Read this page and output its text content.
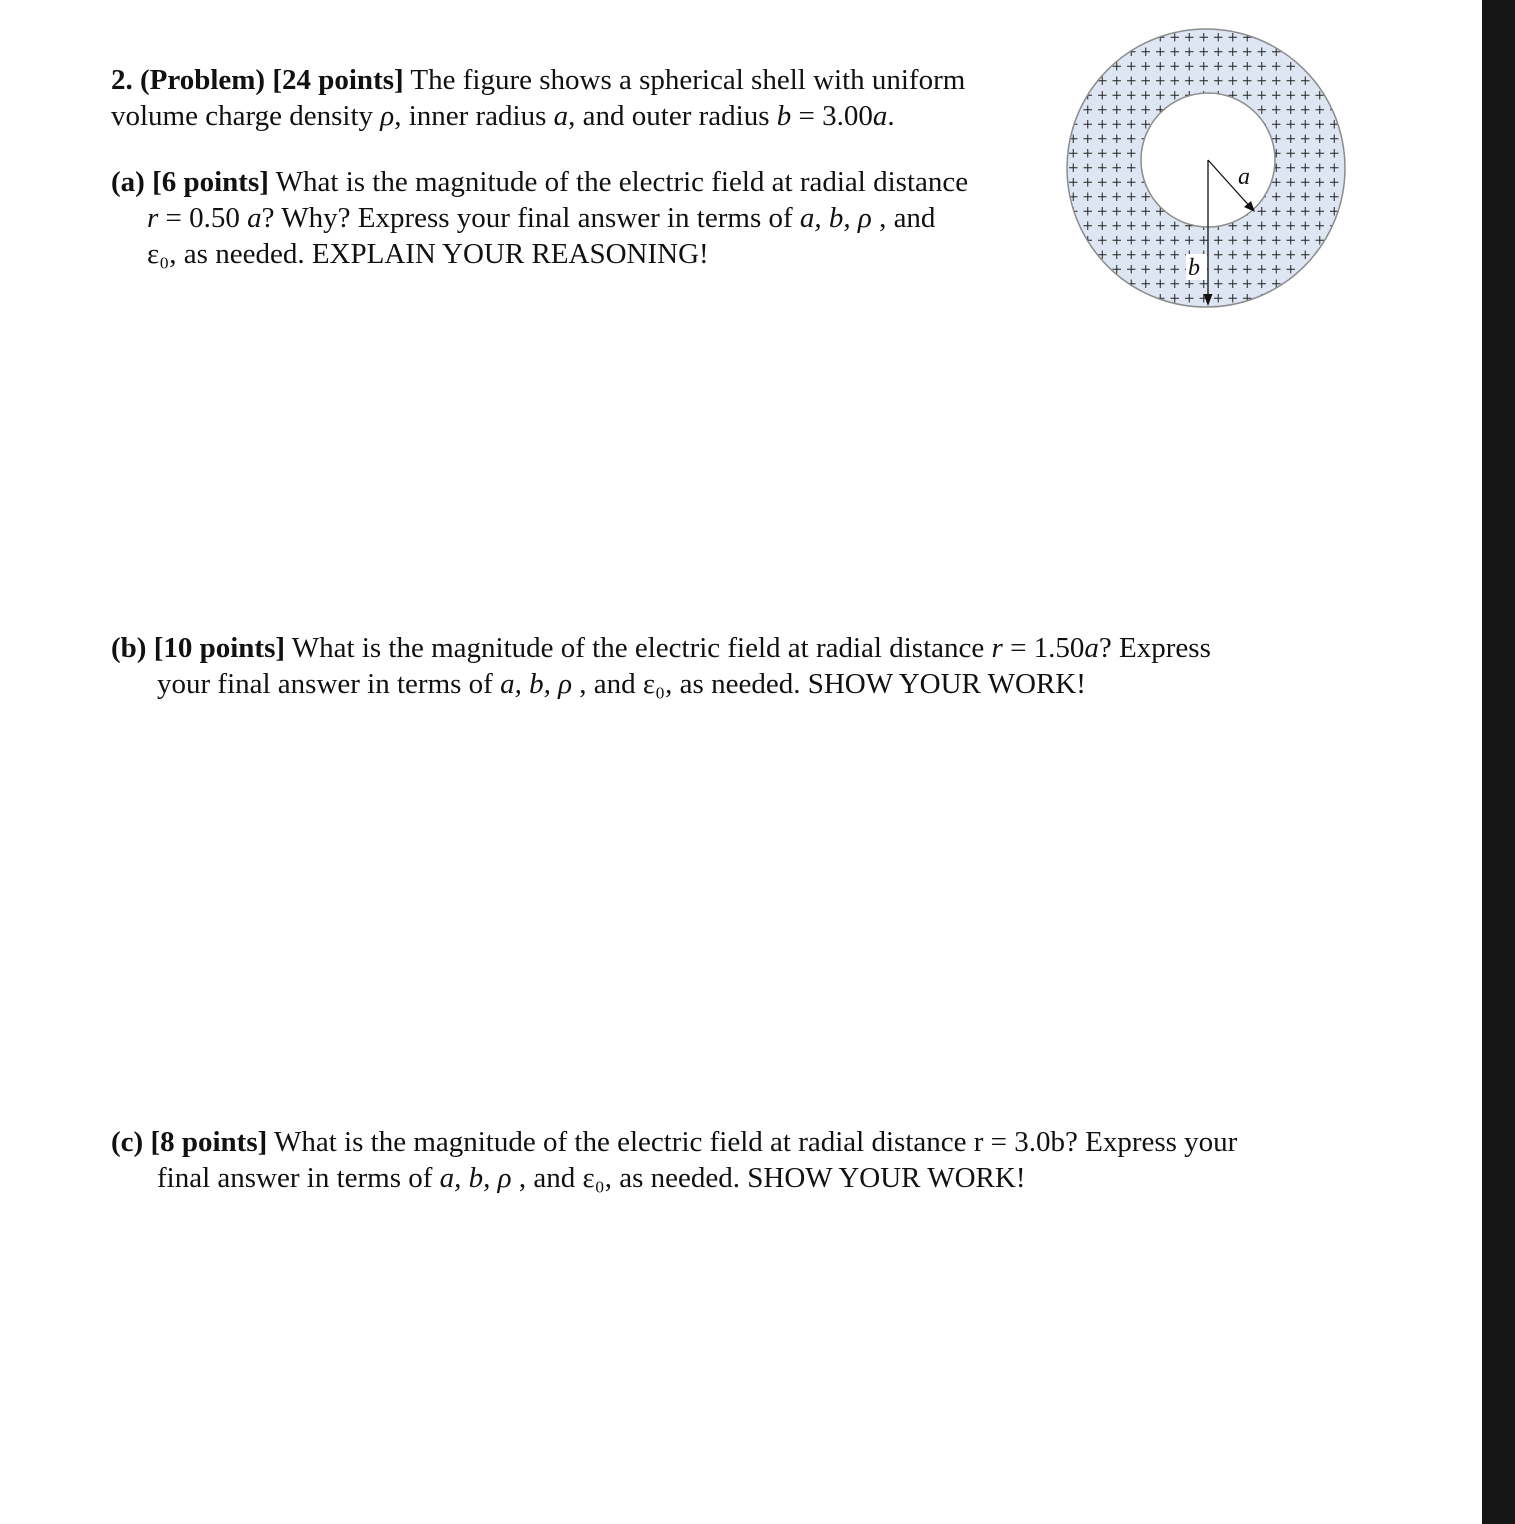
2. (Problem) [24 points] The figure shows a spherical shell with uniform
volume charge density ρ, inner radius a, and outer radius b = 3.00a.
(a) [6 points] What is the magnitude of the electric field at radial distance
r = 0.50 a? Why? Express your final answer in terms of a, b, ρ , and
ε₀, as needed. EXPLAIN YOUR REASONING!
(b) [10 points] What is the magnitude of the electric field at radial distance r = 1.50a? Express
your final answer in terms of a, b, ρ , and ε₀, as needed. SHOW YOUR WORK!
(c) [8 points] What is the magnitude of the electric field at radial distance r = 3.0b? Express your
final answer in terms of a, b, ρ , and ε₀, as needed. SHOW YOUR WORK!
a
b
